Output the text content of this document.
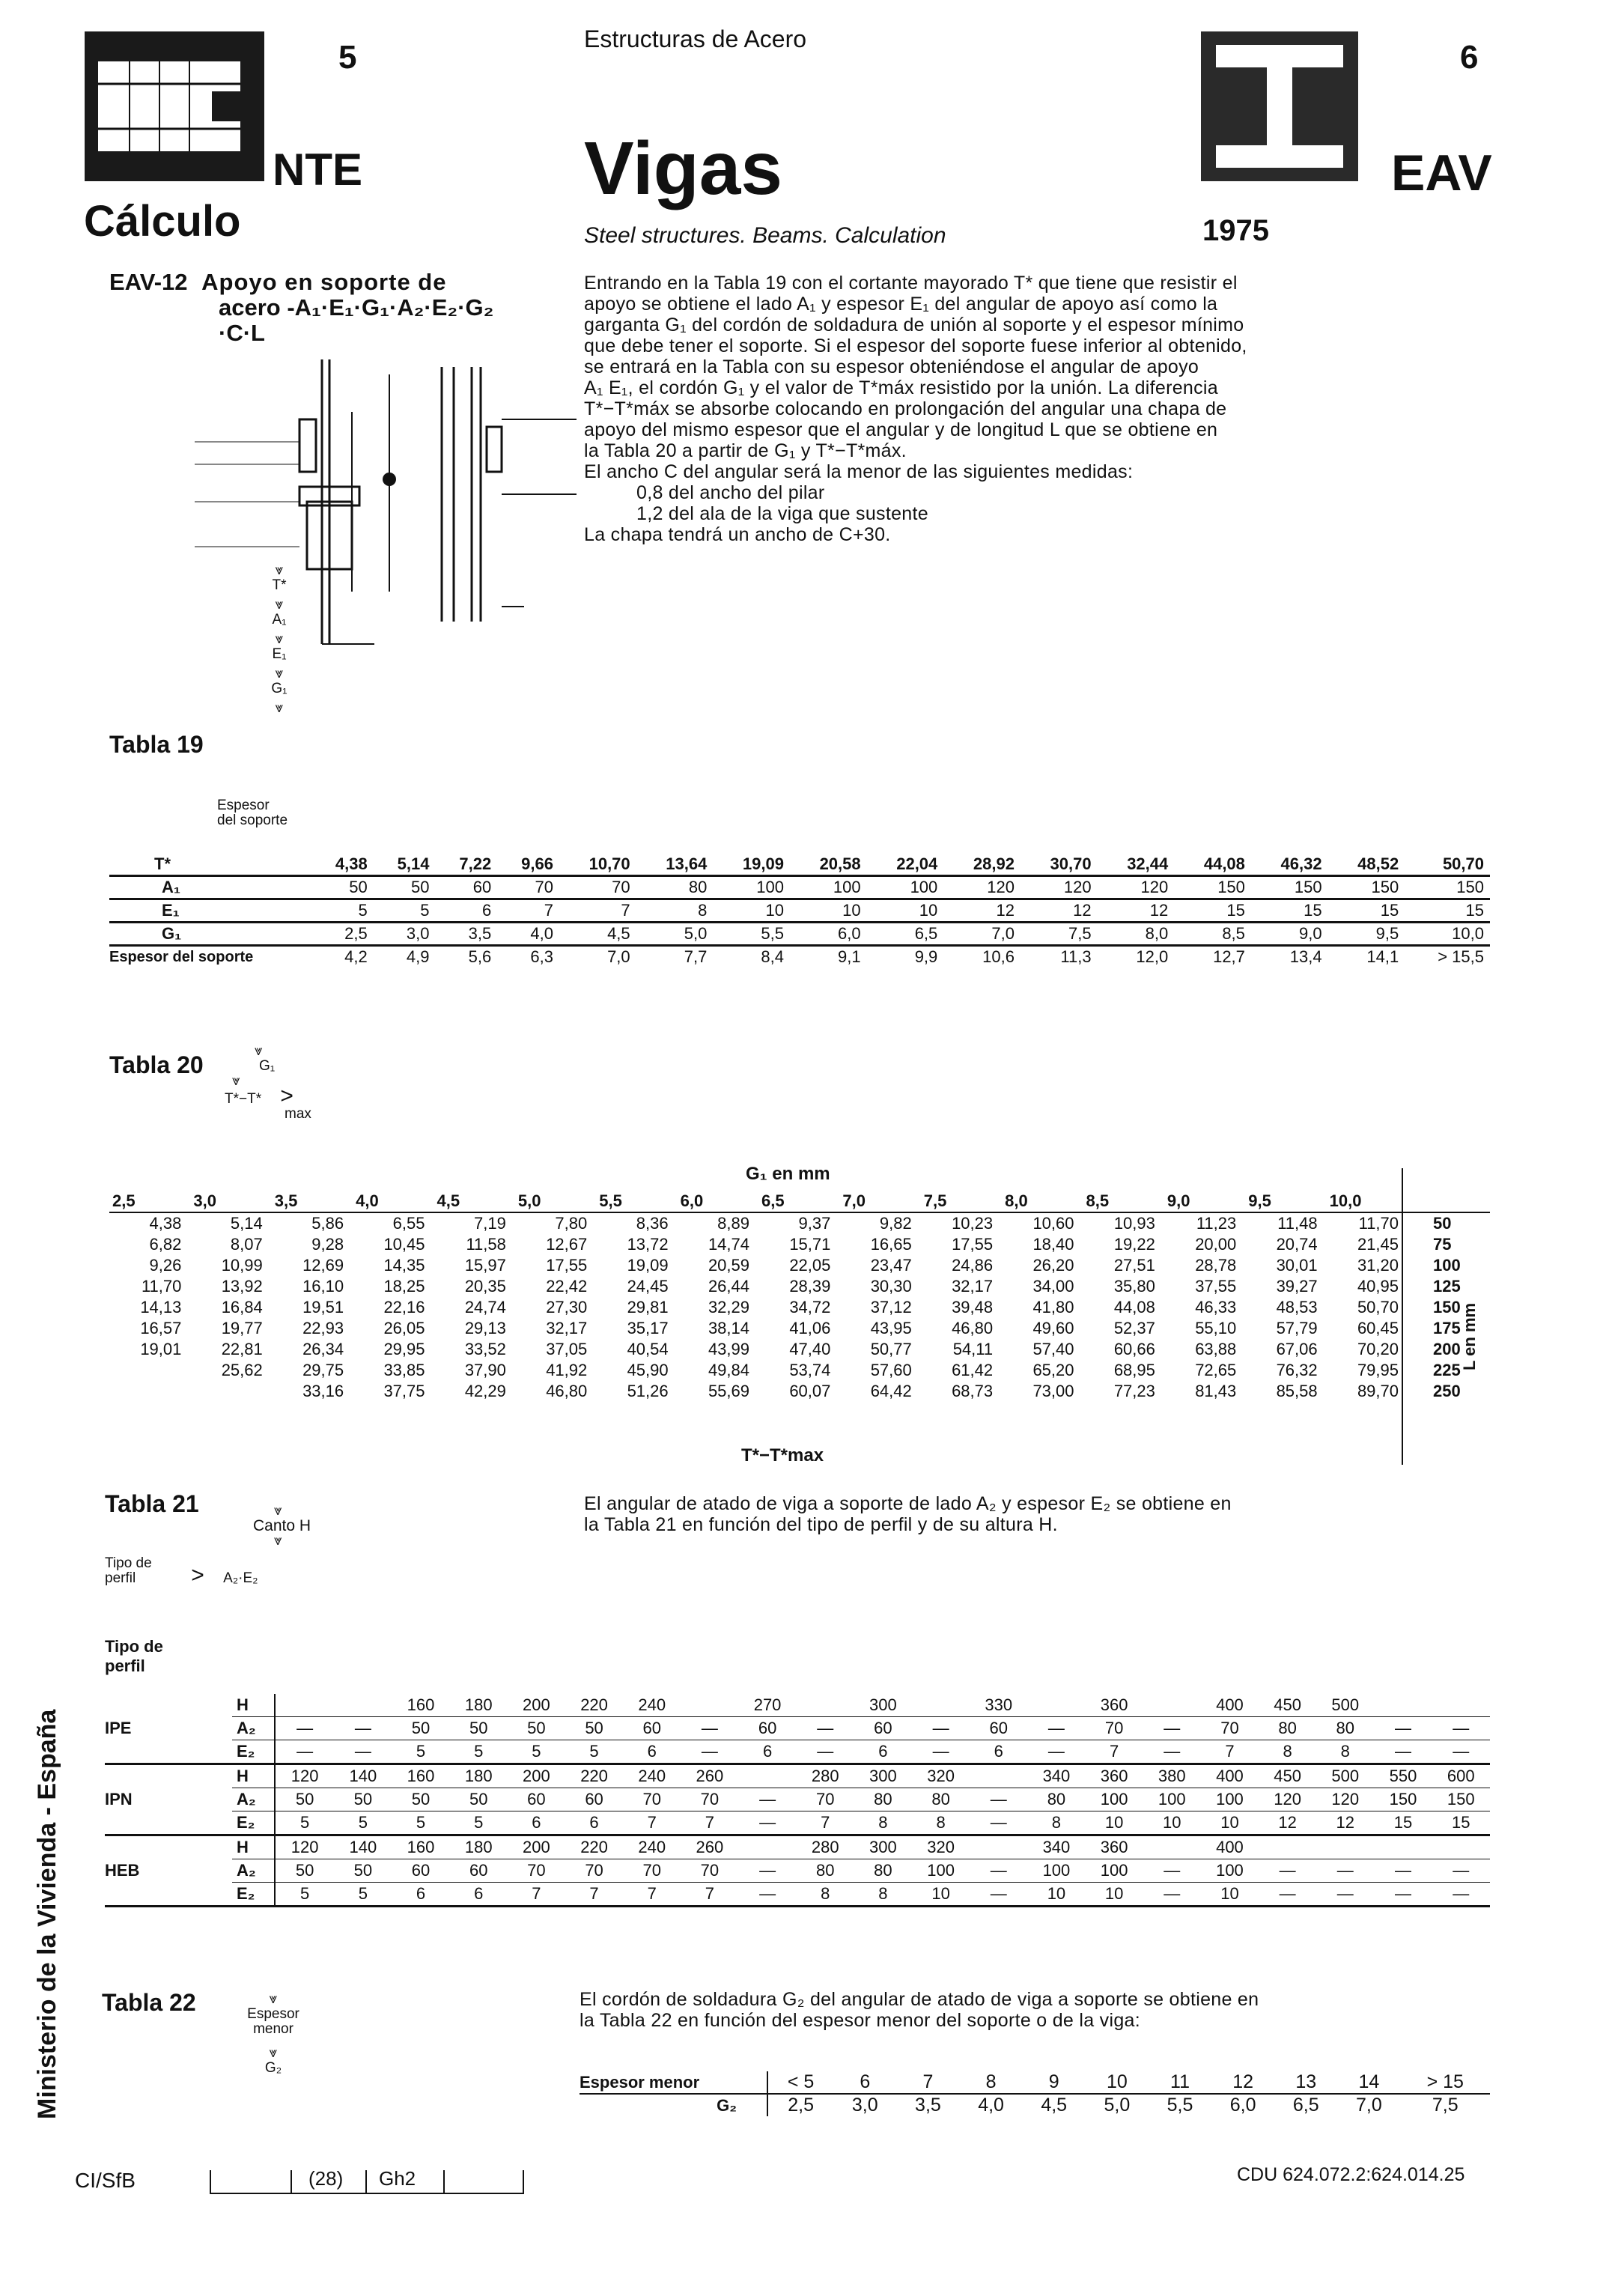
5	Estructuras de Acero	6
NTE	Vigas	EAV
Cálculo	Steel structures. Beams. Calculation	1975
EAV-12 Apoyo en soporte de
acero -A₁·E₁·G₁·A₂·E₂·G₂
·C·L
Entrando en la Tabla 19 con el cortante mayorado T* que tiene que resistir el
apoyo se obtiene el lado A₁ y espesor E₁ del angular de apoyo así como la
garganta G₁ del cordón de soldadura de unión al soporte y el espesor mínimo
que debe tener el soporte. Si el espesor del soporte fuese inferior al obtenido,
se entrará en la Tabla con su espesor obteniéndose el angular de apoyo
A₁ E₁, el cordón G₁ y el valor de T*máx resistido por la unión. La diferencia
T*−T*máx se absorbe colocando en prolongación del angular una chapa de
apoyo del mismo espesor que el angular y de longitud L que se obtiene en
la Tabla 20 a partir de G₁ y T*−T*máx.
El ancho C del angular será la menor de las siguientes medidas:
0,8 del ancho del pilar
1,2 del ala de la viga que sustente
La chapa tendrá un ancho de C+30.
⩔
T*
⩔
A₁
⩔
E₁
⩔
G₁
⩔
Espesor
del soporte
Tabla 19
T*	4,38	5,14	7,22	9,66	10,70	13,64	19,09	20,58	22,04	28,92	30,70	32,44	44,08	46,32	48,52	50,70
A₁	50	50	60	70	70	80	100	100	100	120	120	120	150	150	150	150
E₁	5	5	6	7	7	8	10	10	10	12	12	12	15	15	15	15
G₁	2,5	3,0	3,5	4,0	4,5	5,0	5,5	6,0	6,5	7,0	7,5	8,0	8,5	9,0	9,5	10,0
Espesor del soporte	4,2	4,9	5,6	6,3	7,0	7,7	8,4	9,1	9,9	10,6	11,3	12,0	12,7	13,4	14,1	> 15,5
Tabla 20
⩔
G₁
⩔
T*−T* >
max
G₁ en mm
2,5	3,0	3,5	4,0	4,5	5,0	5,5	6,0	6,5	7,0	7,5	8,0	8,5	9,0	9,5	10,0	
4,38	5,14	5,86	6,55	7,19	7,80	8,36	8,89	9,37	9,82	10,23	10,60	10,93	11,23	11,48	11,70	50
6,82	8,07	9,28	10,45	11,58	12,67	13,72	14,74	15,71	16,65	17,55	18,40	19,22	20,00	20,74	21,45	75
9,26	10,99	12,69	14,35	15,97	17,55	19,09	20,59	22,05	23,47	24,86	26,20	27,51	28,78	30,01	31,20	100
11,70	13,92	16,10	18,25	20,35	22,42	24,45	26,44	28,39	30,30	32,17	34,00	35,80	37,55	39,27	40,95	125
14,13	16,84	19,51	22,16	24,74	27,30	29,81	32,29	34,72	37,12	39,48	41,80	44,08	46,33	48,53	50,70	150
16,57	19,77	22,93	26,05	29,13	32,17	35,17	38,14	41,06	43,95	46,80	49,60	52,37	55,10	57,79	60,45	175
19,01	22,81	26,34	29,95	33,52	37,05	40,54	43,99	47,40	50,77	54,11	57,40	60,66	63,88	67,06	70,20	200
	25,62	29,75	33,85	37,90	41,92	45,90	49,84	53,74	57,60	61,42	65,20	68,95	72,65	76,32	79,95	225
		33,16	37,75	42,29	46,80	51,26	55,69	60,07	64,42	68,73	73,00	77,23	81,43	85,58	89,70	250
L en mm
T*−T*max
Tabla 21	⩔
Canto H
⩔
Tipo de perfil > A₂·E₂
El angular de atado de viga a soporte de lado A₂ y espesor E₂ se obtiene en
la Tabla 21 en función del tipo de perfil y de su altura H.
Tipo de perfil
IPE	H			160	180	200	220	240		270		300		330		360		400	450	500		
	A₂	—	—	50	50	50	50	60	—	60	—	60	—	60	—	70	—	70	80	80	—	—
	E₂	—	—	5	5	5	5	6	—	6	—	6	—	6	—	7	—	7	8	8	—	—
IPN	H	120	140	160	180	200	220	240	260		280	300	320		340	360	380	400	450	500	550	600
	A₂	50	50	50	50	60	60	70	70	—	70	80	80	—	80	100	100	100	120	120	150	150
	E₂	5	5	5	5	6	6	7	7	—	7	8	8	—	8	10	10	10	12	12	15	15
HEB	H	120	140	160	180	200	220	240	260		280	300	320		340	360		400				
	A₂	50	50	60	60	70	70	70	70	—	80	80	100	—	100	100	—	100	—	—	—	—
	E₂	5	5	6	6	7	7	7	7	—	8	8	10	—	10	10	—	10	—	—	—	—
Tabla 22	⩔
Espesor
menor
⩔
G₂
El cordón de soldadura G₂ del angular de atado de viga a soporte se obtiene en
la Tabla 22 en función del espesor menor del soporte o de la viga:
Espesor menor	< 5	6	7	8	9	10	11	12	13	14	> 15
G₂	2,5	3,0	3,5	4,0	4,5	5,0	5,5	6,0	6,5	7,0	7,5
Ministerio de la Vivienda - España
CI/SfB	(28) Gh2	CDU 624.072.2:624.014.25
